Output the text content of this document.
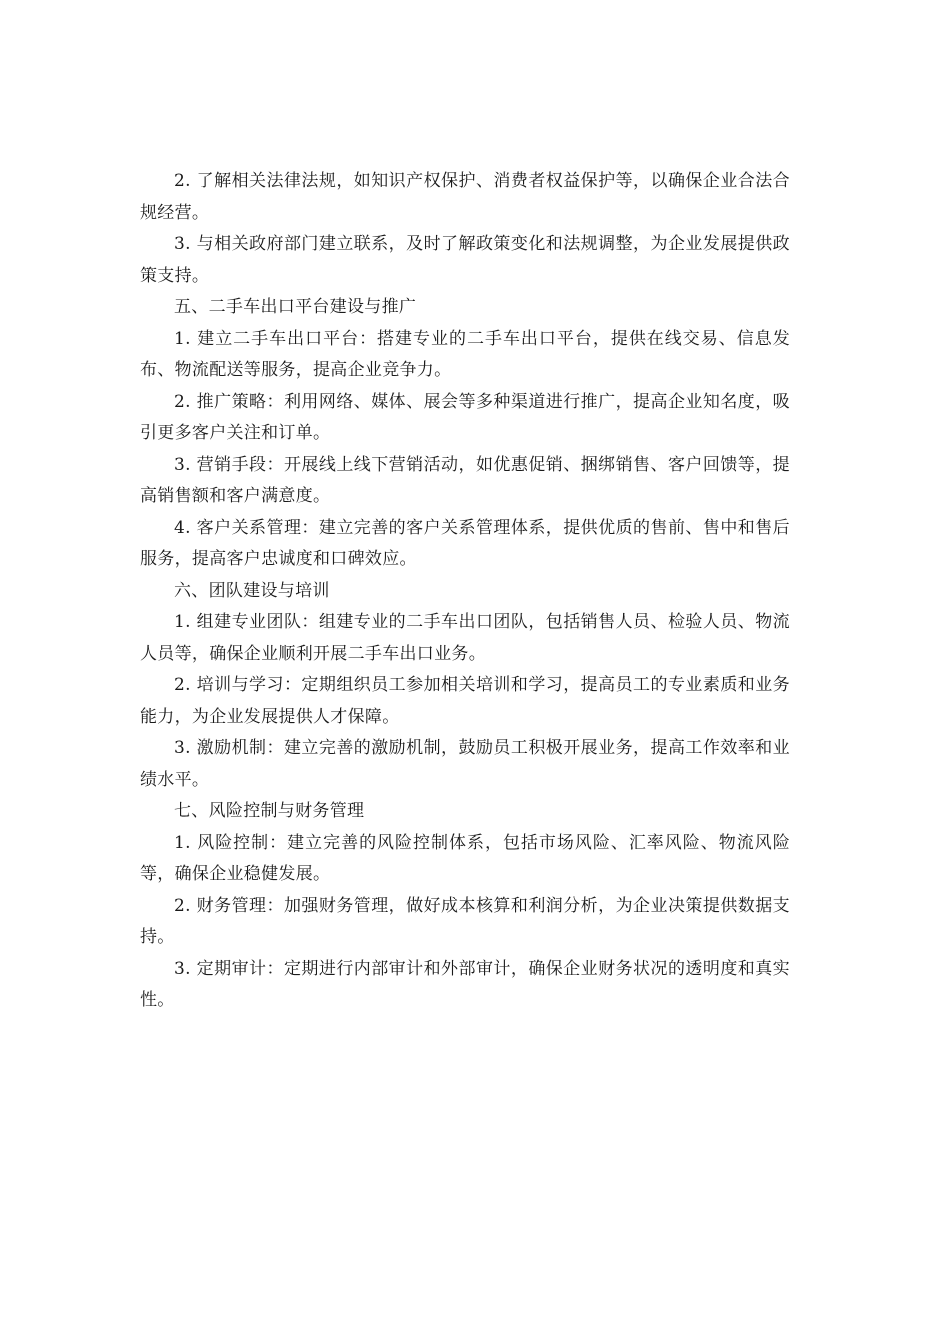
2. 了解相关法律法规，如知识产权保护、消费者权益保护等，以确保企业合法合规经营。

3. 与相关政府部门建立联系，及时了解政策变化和法规调整，为企业发展提供政策支持。

五、二手车出口平台建设与推广

1. 建立二手车出口平台：搭建专业的二手车出口平台，提供在线交易、信息发布、物流配送等服务，提高企业竞争力。

2. 推广策略：利用网络、媒体、展会等多种渠道进行推广，提高企业知名度，吸引更多客户关注和订单。

3. 营销手段：开展线上线下营销活动，如优惠促销、捆绑销售、客户回馈等，提高销售额和客户满意度。

4. 客户关系管理：建立完善的客户关系管理体系，提供优质的售前、售中和售后服务，提高客户忠诚度和口碑效应。

六、团队建设与培训

1. 组建专业团队：组建专业的二手车出口团队，包括销售人员、检验人员、物流人员等，确保企业顺利开展二手车出口业务。

2. 培训与学习：定期组织员工参加相关培训和学习，提高员工的专业素质和业务能力，为企业发展提供人才保障。

3. 激励机制：建立完善的激励机制，鼓励员工积极开展业务，提高工作效率和业绩水平。

七、风险控制与财务管理

1. 风险控制：建立完善的风险控制体系，包括市场风险、汇率风险、物流风险等，确保企业稳健发展。

2. 财务管理：加强财务管理，做好成本核算和利润分析，为企业决策提供数据支持。

3. 定期审计：定期进行内部审计和外部审计，确保企业财务状况的透明度和真实性。
